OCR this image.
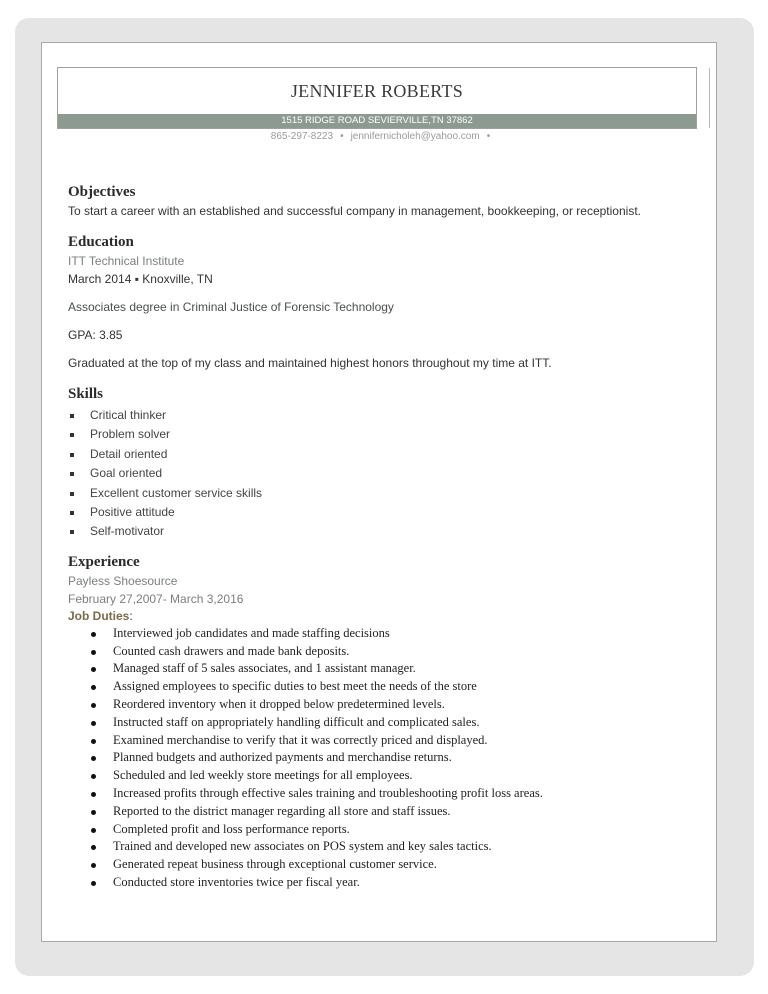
JENNIFER ROBERTS
1515 RIDGE ROAD SEVIERVILLE,TN 37862
865-297-8223 • jennifernicholeh@yahoo.com •
Objectives

To start a career with an established and successful company in management, bookkeeping, or receptionist.

Education

ITT Technical Institute

March 2014 ▪ Knoxville, TN

Associates degree in Criminal Justice of Forensic Technology

GPA: 3.85

Graduated at the top of my class and maintained highest honors throughout my time at ITT.

Skills
Critical thinker
Problem solver
Detail oriented
Goal oriented
Excellent customer service skills
Positive attitude
Self-motivator
Experience

Payless Shoesource

February 27,2007- March 3,2016

Job Duties:
Interviewed job candidates and made staffing decisions
Counted cash drawers and made bank deposits.
Managed staff of 5 sales associates, and 1 assistant manager.
Assigned employees to specific duties to best meet the needs of the store
Reordered inventory when it dropped below predetermined levels.
Instructed staff on appropriately handling difficult and complicated sales.
Examined merchandise to verify that it was correctly priced and displayed.
Planned budgets and authorized payments and merchandise returns.
Scheduled and led weekly store meetings for all employees.
Increased profits through effective sales training and troubleshooting profit loss areas.
Reported to the district manager regarding all store and staff issues.
Completed profit and loss performance reports.
Trained and developed new associates on POS system and key sales tactics.
Generated repeat business through exceptional customer service.
Conducted store inventories twice per fiscal year.
